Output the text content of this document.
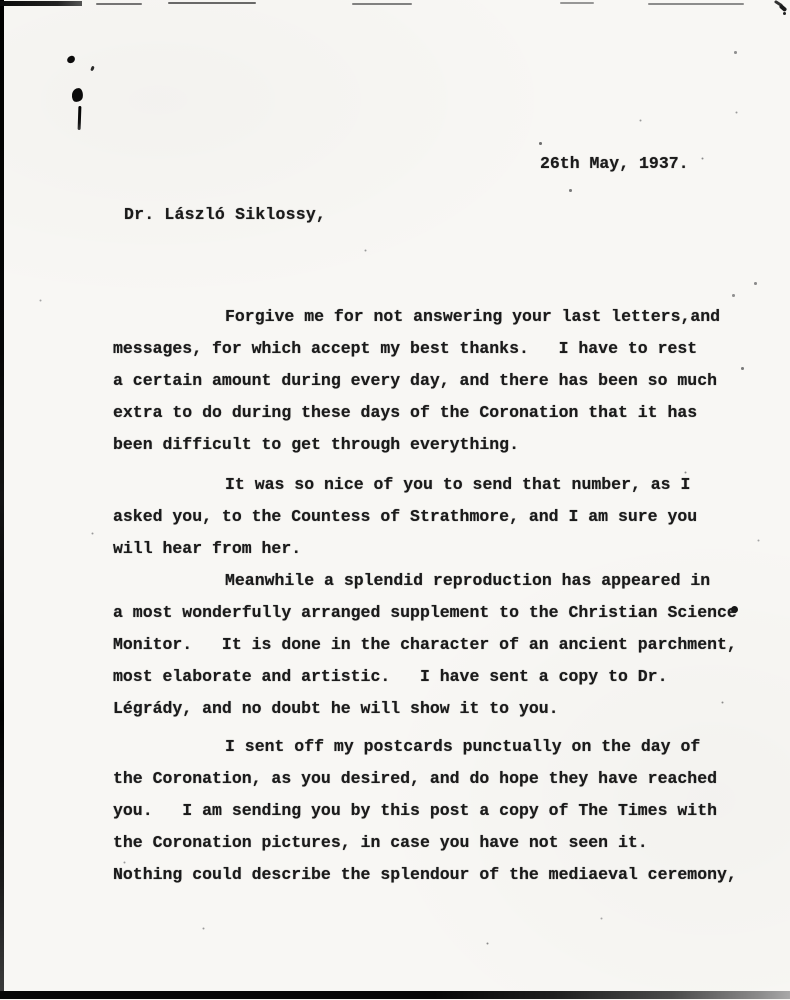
26th May, 1937.
Dr. László Siklossy,
Forgive me for not answering your last letters,and
messages, for which accept my best thanks.   I have to rest
a certain amount during every day, and there has been so much
extra to do during these days of the Coronation that it has
been difficult to get through everything.
It was so nice of you to send that number, as I
asked you, to the Countess of Strathmore, and I am sure you
will hear from her.
Meanwhile a splendid reproduction has appeared in
a most wonderfully arranged supplement to the Christian Science
Monitor.   It is done in the character of an ancient parchment,
most elaborate and artistic.   I have sent a copy to Dr.
Légrády, and no doubt he will show it to you.
I sent off my postcards punctually on the day of
the Coronation, as you desired, and do hope they have reached
you.   I am sending you by this post a copy of The Times with
the Coronation pictures, in case you have not seen it.
Nothing could describe the splendour of the mediaeval ceremony,
